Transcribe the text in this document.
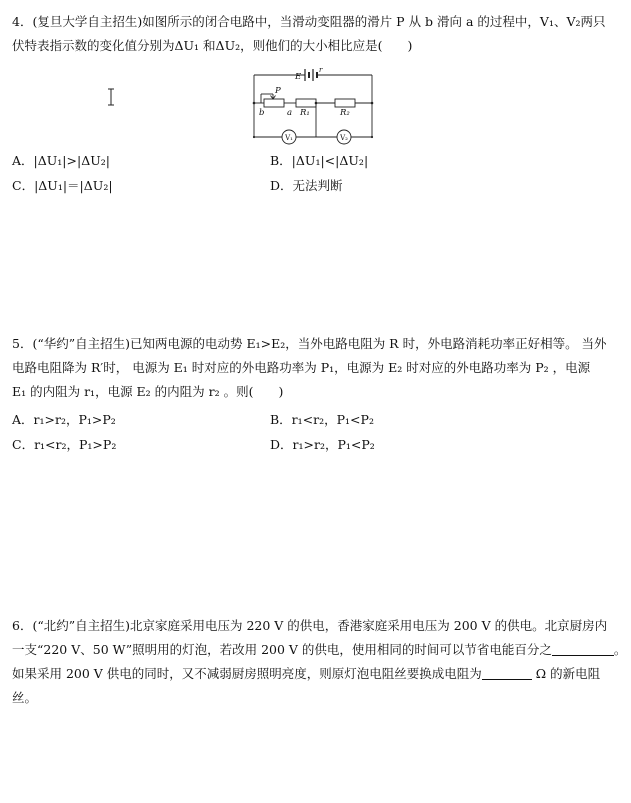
4．(复旦大学自主招生)如图所示的闭合电路中，当滑动变阻器的滑片 P 从 b 滑向 a 的过程中，V₁、V₂两只
伏特表指示数的变化值分别为ΔU₁ 和ΔU₂，则他们的大小相比应是(　　)
E
r
P
b	a R₁	R₂
V₁	V₂
A．|ΔU₁|>|ΔU₂|	B．|ΔU₁|<|ΔU₂|
C．|ΔU₁|＝|ΔU₂|	D．无法判断
5．(“华约”自主招生)已知两电源的电动势 E₁>E₂，当外电路电阻为 R 时，外电路消耗功率正好相等。 当外
电路电阻降为 R′时， 电源为 E₁ 时对应的外电路功率为 P₁，电源为 E₂ 时对应的外电路功率为 P₂ ，电源
E₁ 的内阻为 r₁，电源 E₂ 的内阻为 r₂ 。则(　　)
A．r₁>r₂，P₁>P₂	B．r₁<r₂，P₁<P₂
C．r₁<r₂，P₁>P₂	D．r₁>r₂，P₁<P₂
6．(“北约”自主招生)北京家庭采用电压为 220 V 的供电，香港家庭采用电压为 200 V 的供电。北京厨房内
一支“220 V、50 W”照明用的灯泡，若改用 200 V 的供电，使用相同的时间可以节省电能百分之	。
如果采用 200 V 供电的同时，又不减弱厨房照明亮度，则原灯泡电阻丝要换成电阻为	Ω 的新电阻
丝。
